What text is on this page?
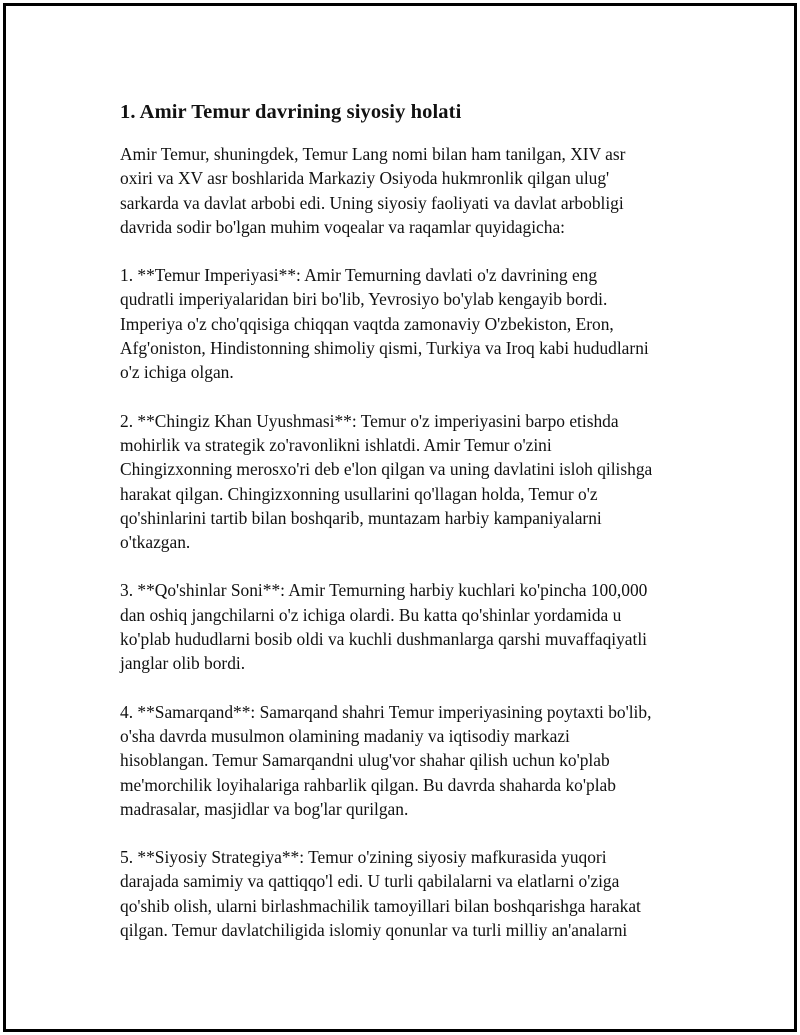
1. Amir Temur davrining siyosiy holati

Amir Temur, shuningdek, Temur Lang nomi bilan ham tanilgan, XIV asr
oxiri va XV asr boshlarida Markaziy Osiyoda hukmronlik qilgan ulug'
sarkarda va davlat arbobi edi. Uning siyosiy faoliyati va davlat arbobligi
davrida sodir bo'lgan muhim voqealar va raqamlar quyidagicha:

1. **Temur Imperiyasi**: Amir Temurning davlati o'z davrining eng
qudratli imperiyalaridan biri bo'lib, Yevrosiyo bo'ylab kengayib bordi.
Imperiya o'z cho'qqisiga chiqqan vaqtda zamonaviy O'zbekiston, Eron,
Afg'oniston, Hindistonning shimoliy qismi, Turkiya va Iroq kabi hududlarni
o'z ichiga olgan.

2. **Chingiz Khan Uyushmasi**: Temur o'z imperiyasini barpo etishda
mohirlik va strategik zo'ravonlikni ishlatdi. Amir Temur o'zini
Chingizxonning merosxo'ri deb e'lon qilgan va uning davlatini isloh qilishga
harakat qilgan. Chingizxonning usullarini qo'llagan holda, Temur o'z
qo'shinlarini tartib bilan boshqarib, muntazam harbiy kampaniyalarni
o'tkazgan.

3. **Qo'shinlar Soni**: Amir Temurning harbiy kuchlari ko'pincha 100,000
dan oshiq jangchilarni o'z ichiga olardi. Bu katta qo'shinlar yordamida u
ko'plab hududlarni bosib oldi va kuchli dushmanlarga qarshi muvaffaqiyatli
janglar olib bordi.

4. **Samarqand**: Samarqand shahri Temur imperiyasining poytaxti bo'lib,
o'sha davrda musulmon olamining madaniy va iqtisodiy markazi
hisoblangan. Temur Samarqandni ulug'vor shahar qilish uchun ko'plab
me'morchilik loyihalariga rahbarlik qilgan. Bu davrda shaharda ko'plab
madrasalar, masjidlar va bog'lar qurilgan.

5. **Siyosiy Strategiya**: Temur o'zining siyosiy mafkurasida yuqori
darajada samimiy va qattiqqo'l edi. U turli qabilalarni va elatlarni o'ziga
qo'shib olish, ularni birlashmachilik tamoyillari bilan boshqarishga harakat
qilgan. Temur davlatchiligida islomiy qonunlar va turli milliy an'analarni
